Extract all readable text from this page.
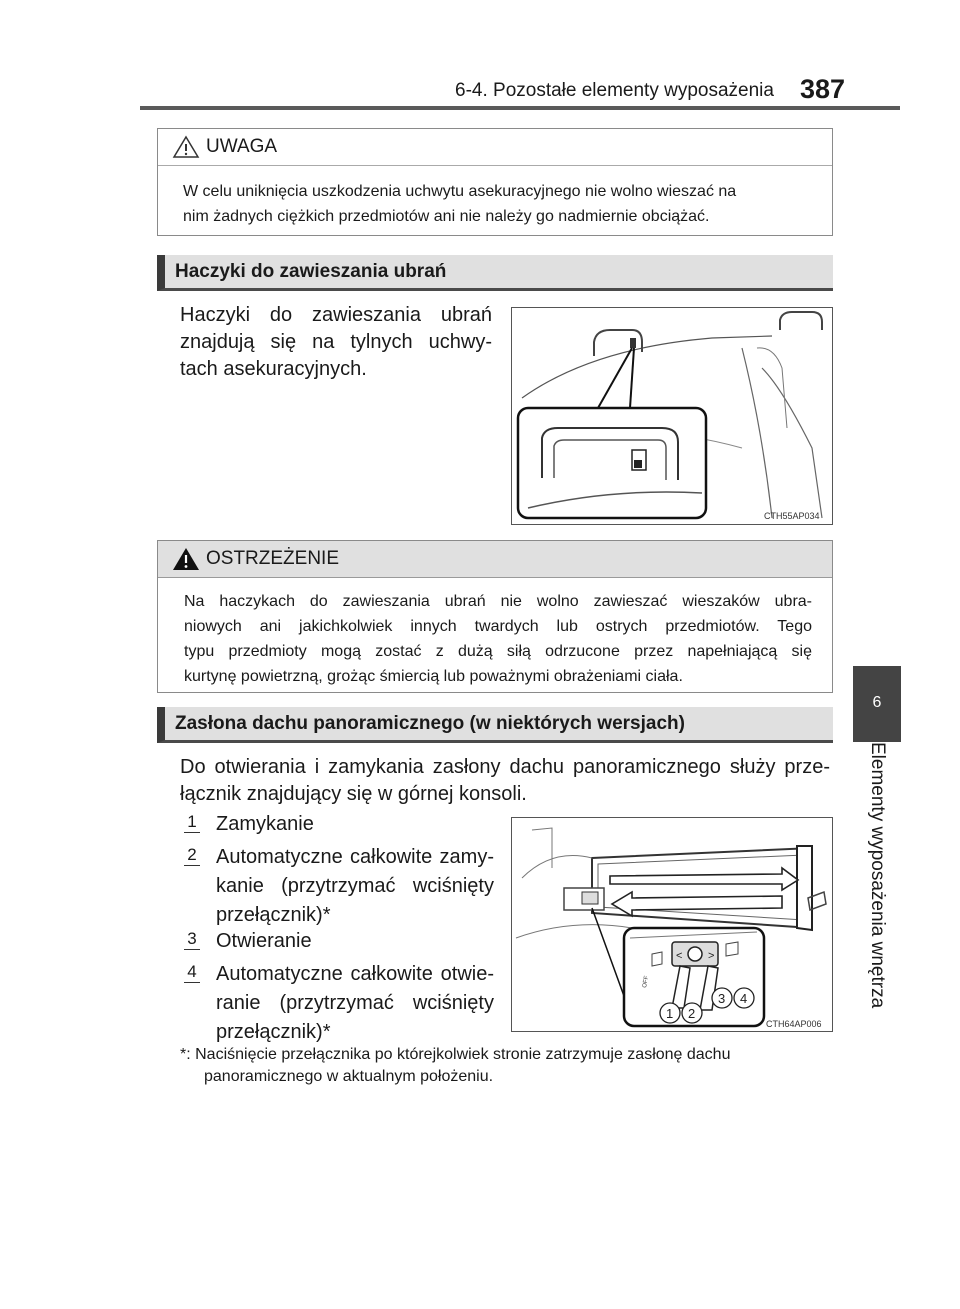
6-4. Pozostałe elementy wyposażenia 387
6
Elementy wyposażenia wnętrza
UWAGA
W celu uniknięcia uszkodzenia uchwytu asekuracyjnego nie wolno wieszać na
nim żadnych ciężkich przedmiotów ani nie należy go nadmiernie obciążać.
Haczyki do zawieszania ubrań
Haczyki do zawieszania ubrań
znajdują się na tylnych uchwy-
tach asekuracyjnych.
CTH55AP034
OSTRZEŻENIE
Na haczykach do zawieszania ubrań nie wolno zawieszać wieszaków ubra-
niowych ani jakichkolwiek innych twardych lub ostrych przedmiotów. Tego
typu przedmioty mogą zostać z dużą siłą odrzucone przez napełniającą się
kurtynę powietrzną, grożąc śmiercią lub poważnymi obrażeniami ciała.
Zasłona dachu panoramicznego (w niektórych wersjach)
Do otwierania i zamykania zasłony dachu panoramicznego służy prze-
łącznik znajdujący się w górnej konsoli.
1 Zamykanie
2 Automatyczne całkowite zamy-
kanie (przytrzymać wciśnięty
przełącznik)*
3 Otwieranie
4 Automatyczne całkowite otwie-
ranie (przytrzymać wciśnięty
przełącznik)*
< >
OFF
1 2
3 4
CTH64AP006
*: Naciśnięcie przełącznika po którejkolwiek stronie zatrzymuje zasłonę dachu
panoramicznego w aktualnym położeniu.
